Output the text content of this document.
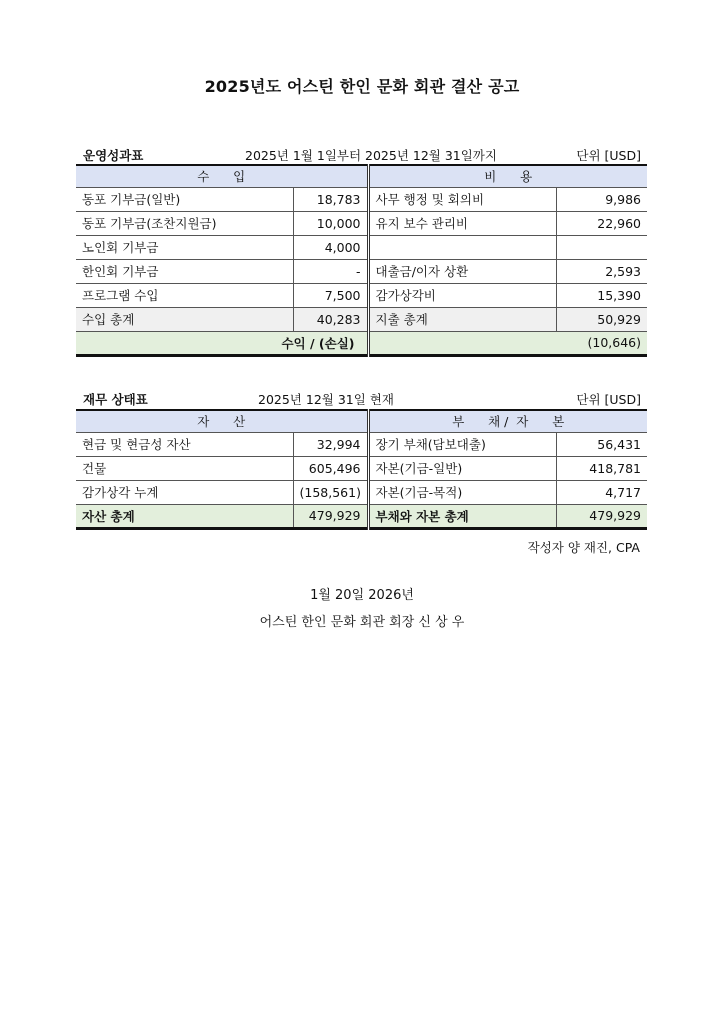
2025년도 어스틴 한인 문화 회관 결산 공고
운영성과표	2025년 1월 1일부터 2025년 12월 31일까지	단위 [USD]
수      입		비      용	
동포 기부금(일반)	18,783	사무 행정 및 회의비	9,986
동포 기부금(조찬지원금)	10,000	유지 보수 관리비	22,960
노인회 기부금	4,000		
한인회 기부금	-	대출금/이자 상환	2,593
프로그램 수입	7,500	감가상각비	15,390
수입 총계	40,283	지출 총계	50,929
수익 / (손실)		(10,646)	
재무 상태표	2025년 12월 31일 현재	단위 [USD]
자      산		부      채 /  자      본	
현금 및 현금성 자산	32,994	장기 부채(담보대출)	56,431
건물	605,496	자본(기금-일반)	418,781
감가상각 누계	(158,561)	자본(기금-목적)	4,717
자산 총계	479,929	부채와 자본 총계	479,929
작성자 양 재진, CPA
1월 20일 2026년
어스틴 한인 문화 회관 회장 신 상 우
